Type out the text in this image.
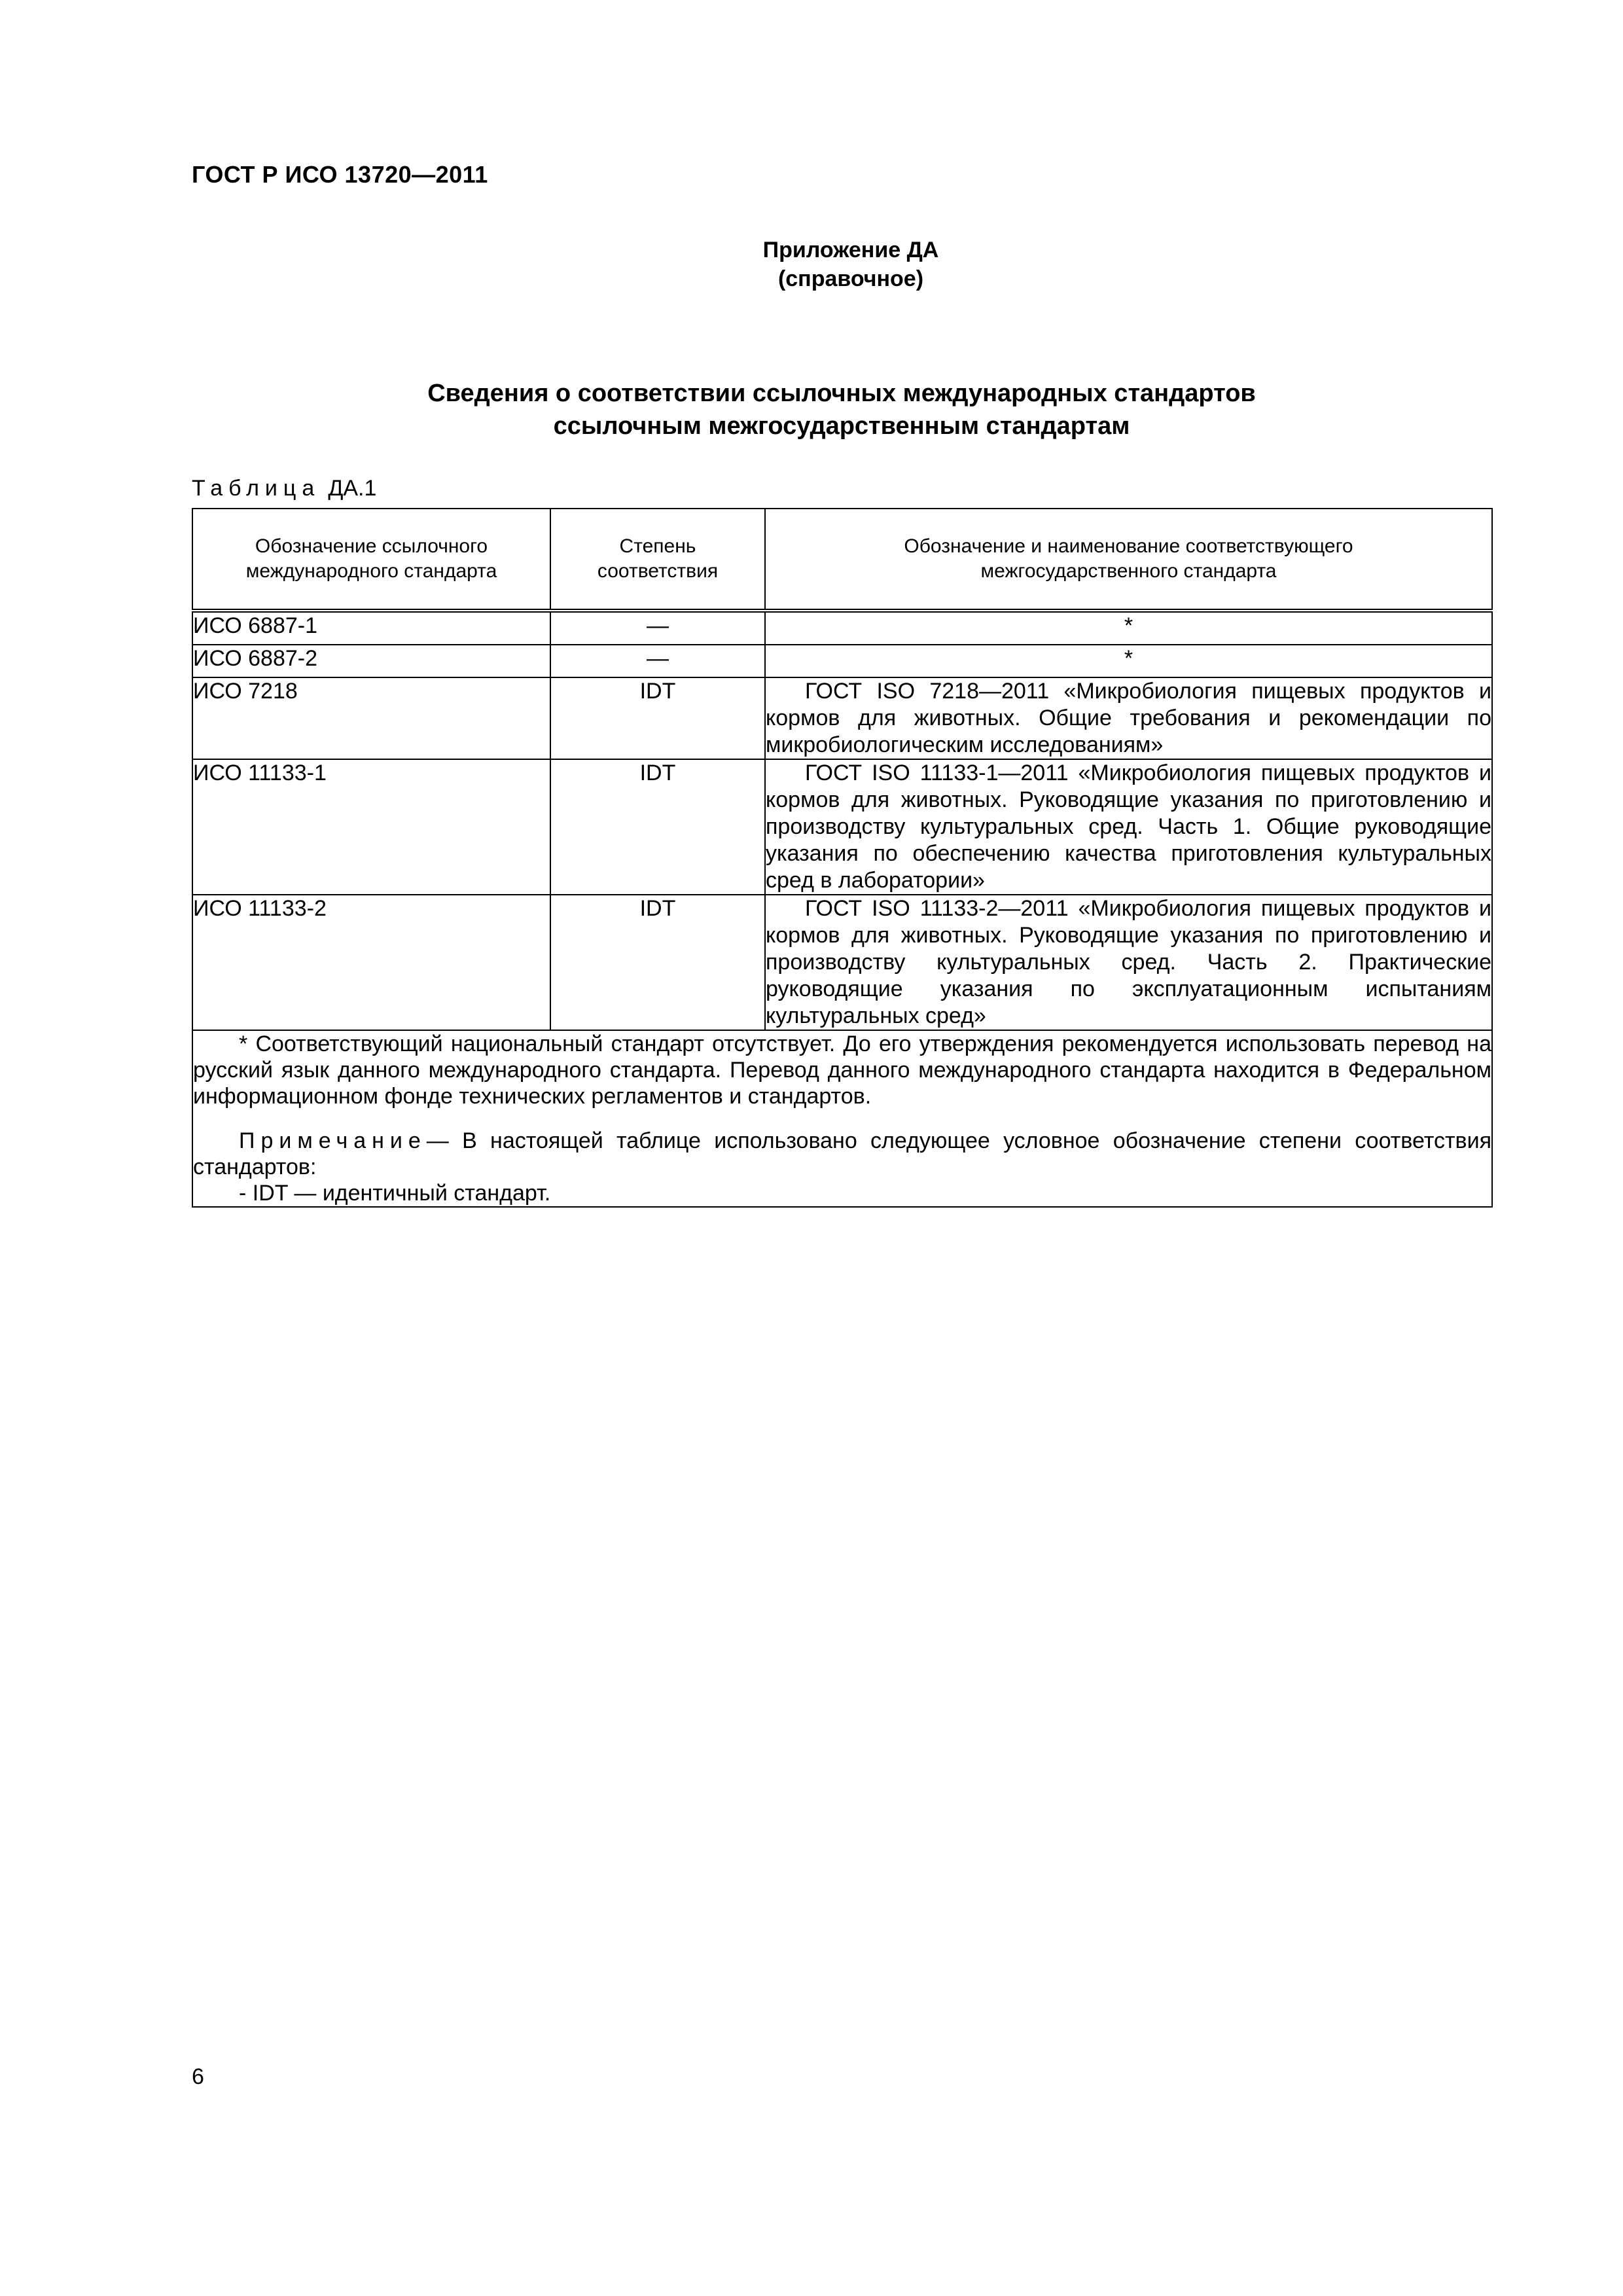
ГОСТ Р ИСО 13720—2011
Приложение ДА
(справочное)
Сведения о соответствии ссылочных международных стандартов
ссылочным межгосударственным стандартам
Таблица ДА.1
Обозначение ссылочного международного стандарта	Степень соответствия	Обозначение и наименование соответствующего межгосударственного стандарта
ИСО 6887-1	—	*
ИСО 6887-2	—	*
ИСО 7218	IDT	ГОСТ ISO 7218—2011 «Микробиология пищевых продуктов и кормов для животных. Общие требования и рекомендации по микробиологическим исследованиям»

ИСО 11133-1	IDT	ГОСТ ISO 11133-1—2011 «Микробиология пищевых продуктов и кормов для животных. Руководящие указания по приготовлению и производству культуральных сред. Часть 1. Общие руководящие указания по обеспечению качества приготовления культуральных сред в лаборатории»

ИСО 11133-2	IDT	ГОСТ ISO 11133-2—2011 «Микробиология пищевых продуктов и кормов для животных. Руководящие указания по приготовлению и производству культуральных сред. Часть 2. Практические руководящие указания по эксплуатационным испытаниям культуральных сред»

* Соответствующий национальный стандарт отсутствует. До его утверждения рекомендуется использовать перевод на русский язык данного международного стандарта. Перевод данного международного стандарта находится в Федеральном информационном фонде технических регламентов и стандартов.

Примечание— В настоящей таблице использовано следующее условное обозначение степени соответствия стандартов:

- IDT — идентичный стандарт.		

6
